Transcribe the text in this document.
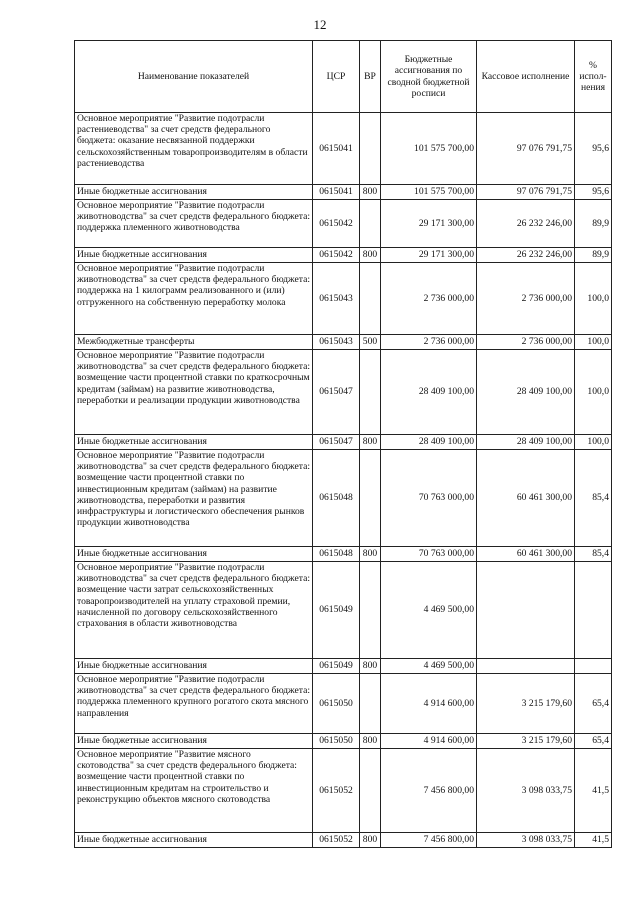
12
Наименование показателей	ЦСР	ВР	Бюджетные ассигнования по сводной бюджетной росписи	Кассовое исполнение	% испол-нения
Основное мероприятие "Развитие подотрасли растениеводства" за счет средств федерального бюджета: оказание несвязанной поддержки сельскохозяйственным товаропроизводителям в области растениеводства	0615041		101 575 700,00	97 076 791,75	95,6
Иные бюджетные ассигнования	0615041	800	101 575 700,00	97 076 791,75	95,6
Основное мероприятие "Развитие подотрасли животноводства" за счет средств федерального бюджета: поддержка племенного животноводства	0615042		29 171 300,00	26 232 246,00	89,9
Иные бюджетные ассигнования	0615042	800	29 171 300,00	26 232 246,00	89,9
Основное мероприятие "Развитие подотрасли животноводства" за счет средств федерального бюджета: поддержка на 1 килограмм реализованного и (или) отгруженного на собственную переработку молока	0615043		2 736 000,00	2 736 000,00	100,0
Межбюджетные трансферты	0615043	500	2 736 000,00	2 736 000,00	100,0
Основное мероприятие "Развитие подотрасли животноводства" за счет средств федерального бюджета: возмещение части процентной ставки по краткосрочным кредитам (займам) на развитие животноводства, переработки и реализации продукции животноводства	0615047		28 409 100,00	28 409 100,00	100,0
Иные бюджетные ассигнования	0615047	800	28 409 100,00	28 409 100,00	100,0
Основное мероприятие "Развитие подотрасли животноводства" за счет средств федерального бюджета: возмещение части процентной ставки по инвестиционным кредитам (займам) на развитие животноводства, переработки и развития инфраструктуры и логистического обеспечения рынков продукции животноводства	0615048		70 763 000,00	60 461 300,00	85,4
Иные бюджетные ассигнования	0615048	800	70 763 000,00	60 461 300,00	85,4
Основное мероприятие "Развитие подотрасли животноводства" за счет средств федерального бюджета: возмещение части затрат сельскохозяйственных товаропроизводителей на уплату страховой премии, начисленной по договору сельскохозяйственного страхования в области животноводства	0615049		4 469 500,00		
Иные бюджетные ассигнования	0615049	800	4 469 500,00		
Основное мероприятие "Развитие подотрасли животноводства" за счет средств федерального бюджета: поддержка племенного крупного рогатого скота мясного направления	0615050		4 914 600,00	3 215 179,60	65,4
Иные бюджетные ассигнования	0615050	800	4 914 600,00	3 215 179,60	65,4
Основное мероприятие "Развитие мясного скотоводства" за счет средств федерального бюджета: возмещение части процентной ставки по инвестиционным кредитам на строительство и реконструкцию объектов мясного скотоводства	0615052		7 456 800,00	3 098 033,75	41,5
Иные бюджетные ассигнования	0615052	800	7 456 800,00	3 098 033,75	41,5
